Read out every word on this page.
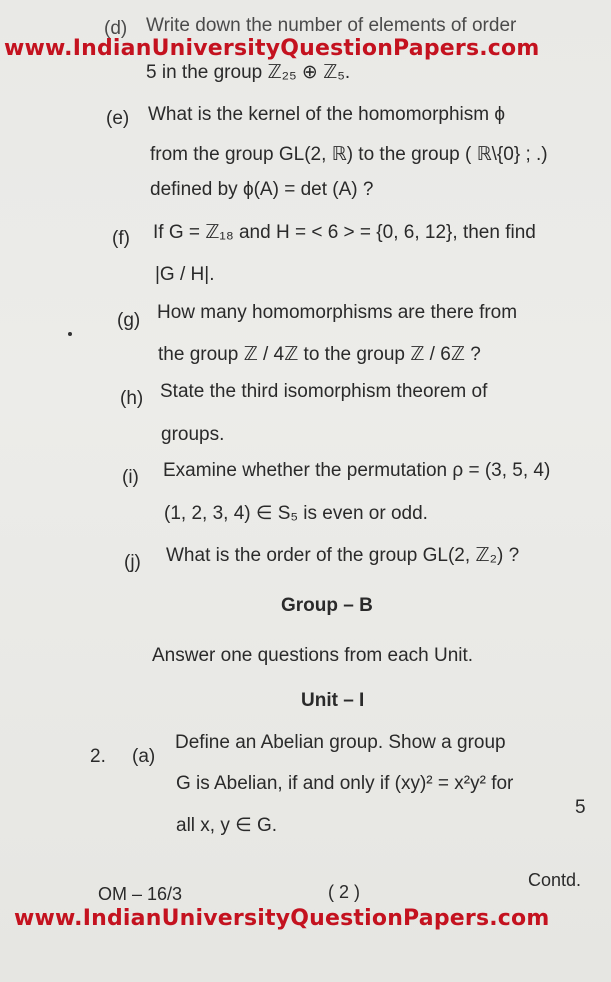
www.IndianUniversityQuestionPapers.com
(d) Write down the number of elements of order
5 in the group ℤ₂₅ ⊕ ℤ₅.
(e) What is the kernel of the homomorphism ϕ
from the group GL(2, ℝ) to the group ( ℝ\{0} ; .)
defined by ϕ(A) = det (A) ?
(f) If G = ℤ₁₈ and H = < 6 > = {0, 6, 12}, then find
|G / H|.
(g) How many homomorphisms are there from
the group ℤ / 4ℤ to the group ℤ / 6ℤ ?
(h) State the third isomorphism theorem of
groups.
(i) Examine whether the permutation ρ = (3, 5, 4)
(1, 2, 3, 4) ∈ S₅ is even or odd.
(j) What is the order of the group GL(2, ℤ₂) ?
Group – B
Answer one questions from each Unit.
Unit – I
2. (a)
Define an Abelian group. Show a group
G is Abelian, if and only if (xy)² = x²y² for
all x, y ∈ G.
5
OM – 16/3	( 2 )
Contd.
www.IndianUniversityQuestionPapers.com
